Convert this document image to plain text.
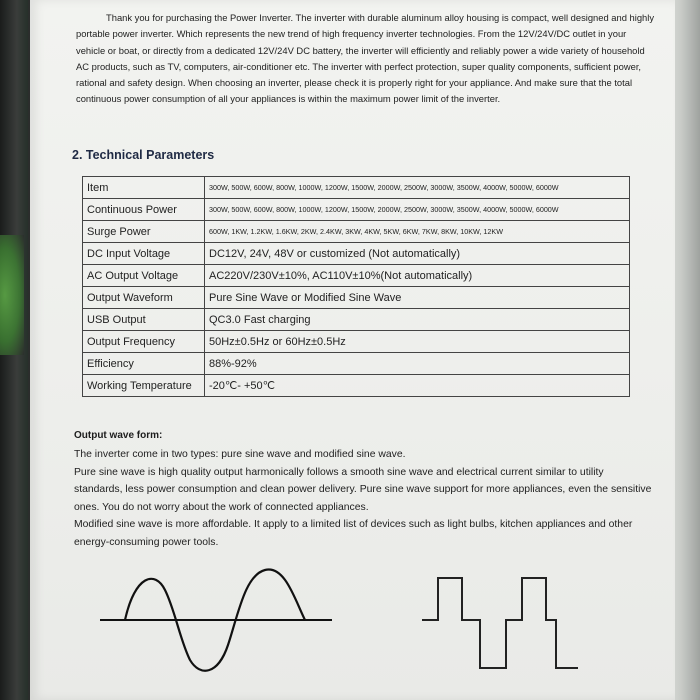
Thank you for purchasing the Power Inverter. The inverter with durable aluminum alloy housing is compact, well designed and highly portable power inverter. Which represents the new trend of high frequency inverter technologies. From the 12V/24V/DC outlet in your vehicle or boat, or directly from a dedicated 12V/24V DC battery, the inverter will efficiently and reliably power a wide variety of household AC products, such as TV, computers, air-conditioner etc. The inverter with perfect protection, super quality components, sufficient power, rational and safety design. When choosing an inverter, please check it is properly right for your appliance. And make sure that the total continuous power consumption of all your appliances is within the maximum power limit of the inverter.

2. Technical Parameters
Item	300W, 500W, 600W, 800W, 1000W, 1200W, 1500W, 2000W, 2500W, 3000W, 3500W, 4000W, 5000W, 6000W
Continuous Power	300W, 500W, 600W, 800W, 1000W, 1200W, 1500W, 2000W, 2500W, 3000W, 3500W, 4000W, 5000W, 6000W
Surge Power	600W, 1KW, 1.2KW, 1.6KW, 2KW, 2.4KW, 3KW, 4KW, 5KW, 6KW, 7KW, 8KW, 10KW, 12KW
DC Input Voltage	DC12V, 24V, 48V or customized (Not automatically)
AC Output Voltage	AC220V/230V±10%, AC110V±10%(Not automatically)
Output Waveform	Pure Sine Wave or Modified Sine Wave
USB Output	QC3.0 Fast charging
Output Frequency	50Hz±0.5Hz or 60Hz±0.5Hz
Efficiency	88%-92%
Working Temperature	-20℃- +50℃
Output wave form:

The inverter come in two types: pure sine wave and modified sine wave.

Pure sine wave is high quality output harmonically follows a smooth sine wave and electrical current similar to utility standards, less power consumption and clean power delivery. Pure sine wave support for more appliances, even the sensitive ones. You do not worry about the work of connected appliances.

Modified sine wave is more affordable. It apply to a limited list of devices such as light bulbs, kitchen appliances and other energy-consuming power tools.
